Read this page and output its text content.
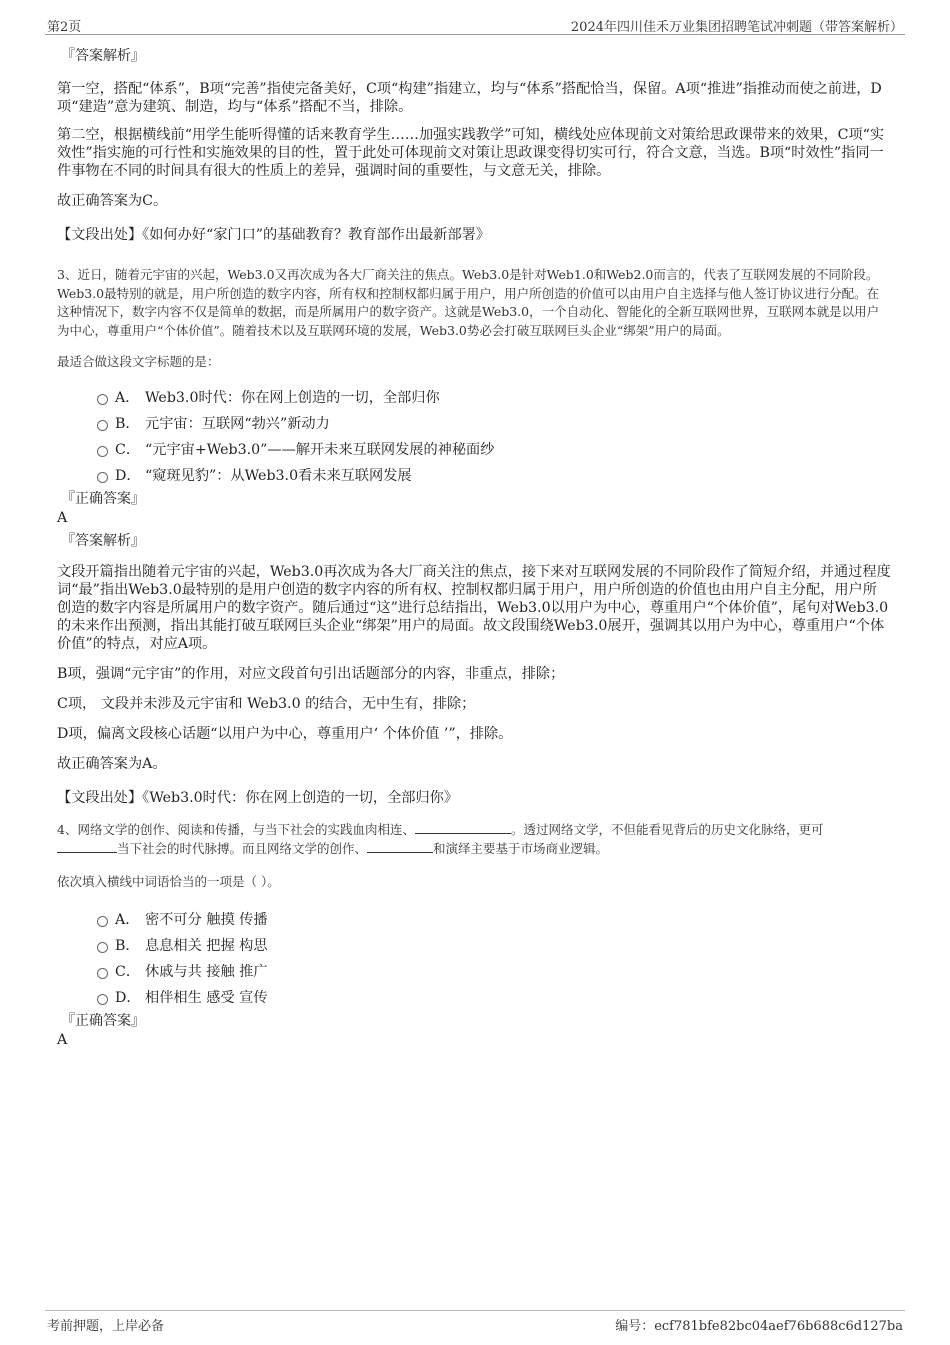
第2页	2024年四川佳禾万业集团招聘笔试冲刺题（带答案解析）

『答案解析』

第一空，搭配“体系”，B项“完善”指使完备美好，C项“构建”指建立，均与“体系”搭配恰当，保留。A项“推进”指推动而使之前进，D项“建造”意为建筑、制造，均与“体系”搭配不当，排除。

第二空，根据横线前“用学生能听得懂的话来教育学生……加强实践教学”可知，横线处应体现前文对策给思政课带来的效果，C项“实效性”指实施的可行性和实施效果的目的性，置于此处可体现前文对策让思政课变得切实可行，符合文意，当选。B项“时效性”指同一件事物在不同的时间具有很大的性质上的差异，强调时间的重要性，与文意无关，排除。

故正确答案为C。

【文段出处】《如何办好“家门口”的基础教育？教育部作出最新部署》

3、近日，随着元宇宙的兴起，Web3.0又再次成为各大厂商关注的焦点。Web3.0是针对Web1.0和Web2.0而言的，代表了互联网发展的不同阶段。Web3.0最特别的就是，用户所创造的数字内容，所有权和控制权都归属于用户，用户所创造的价值可以由用户自主选择与他人签订协议进行分配。在这种情况下，数字内容不仅是简单的数据，而是所属用户的数字资产。这就是Web3.0，一个自动化、智能化的全新互联网世界，互联网本就是以用户为中心，尊重用户“个体价值”。随着技术以及互联网环境的发展，Web3.0势必会打破互联网巨头企业“绑架”用户的局面。

最适合做这段文字标题的是：

A． Web3.0时代：你在网上创造的一切，全部归你
B． 元宇宙：互联网“勃兴”新动力
C． “元宇宙+Web3.0”——解开未来互联网发展的神秘面纱
D． “窥斑见豹”：从Web3.0看未来互联网发展

『正确答案』

A

『答案解析』

文段开篇指出随着元宇宙的兴起，Web3.0再次成为各大厂商关注的焦点，接下来对互联网发展的不同阶段作了简短介绍，并通过程度词“最”指出Web3.0最特别的是用户创造的数字内容的所有权、控制权都归属于用户，用户所创造的价值也由用户自主分配，用户所创造的数字内容是所属用户的数字资产。随后通过“这”进行总结指出，Web3.0以用户为中心，尊重用户“个体价值”，尾句对Web3.0的未来作出预测，指出其能打破互联网巨头企业“绑架”用户的局面。故文段围绕Web3.0展开，强调其以用户为中心，尊重用户“个体价值”的特点，对应A项。

B项，强调“元宇宙”的作用，对应文段首句引出话题部分的内容，非重点，排除；

C项， 文段并未涉及元宇宙和 Web3.0 的结合，无中生有，排除；

D项，偏离文段核心话题“以用户为中心，尊重用户‘ 个体价值 ’”，排除。

故正确答案为A。

【文段出处】《Web3.0时代：你在网上创造的一切，全部归你》

4、网络文学的创作、阅读和传播，与当下社会的实践血肉相连、	。透过网络文学，不但能看见背后的历史文化脉络，更可
当下社会的时代脉搏。而且网络文学的创作、	和演绎主要基于市场商业逻辑。

依次填入横线中词语恰当的一项是（ ）。

A． 密不可分 触摸 传播
B． 息息相关 把握 构思
C． 休戚与共 接触 推广
D． 相伴相生 感受 宣传

『正确答案』

A

考前押题，上岸必备	编号：ecf781bfe82bc04aef76b688c6d127ba
